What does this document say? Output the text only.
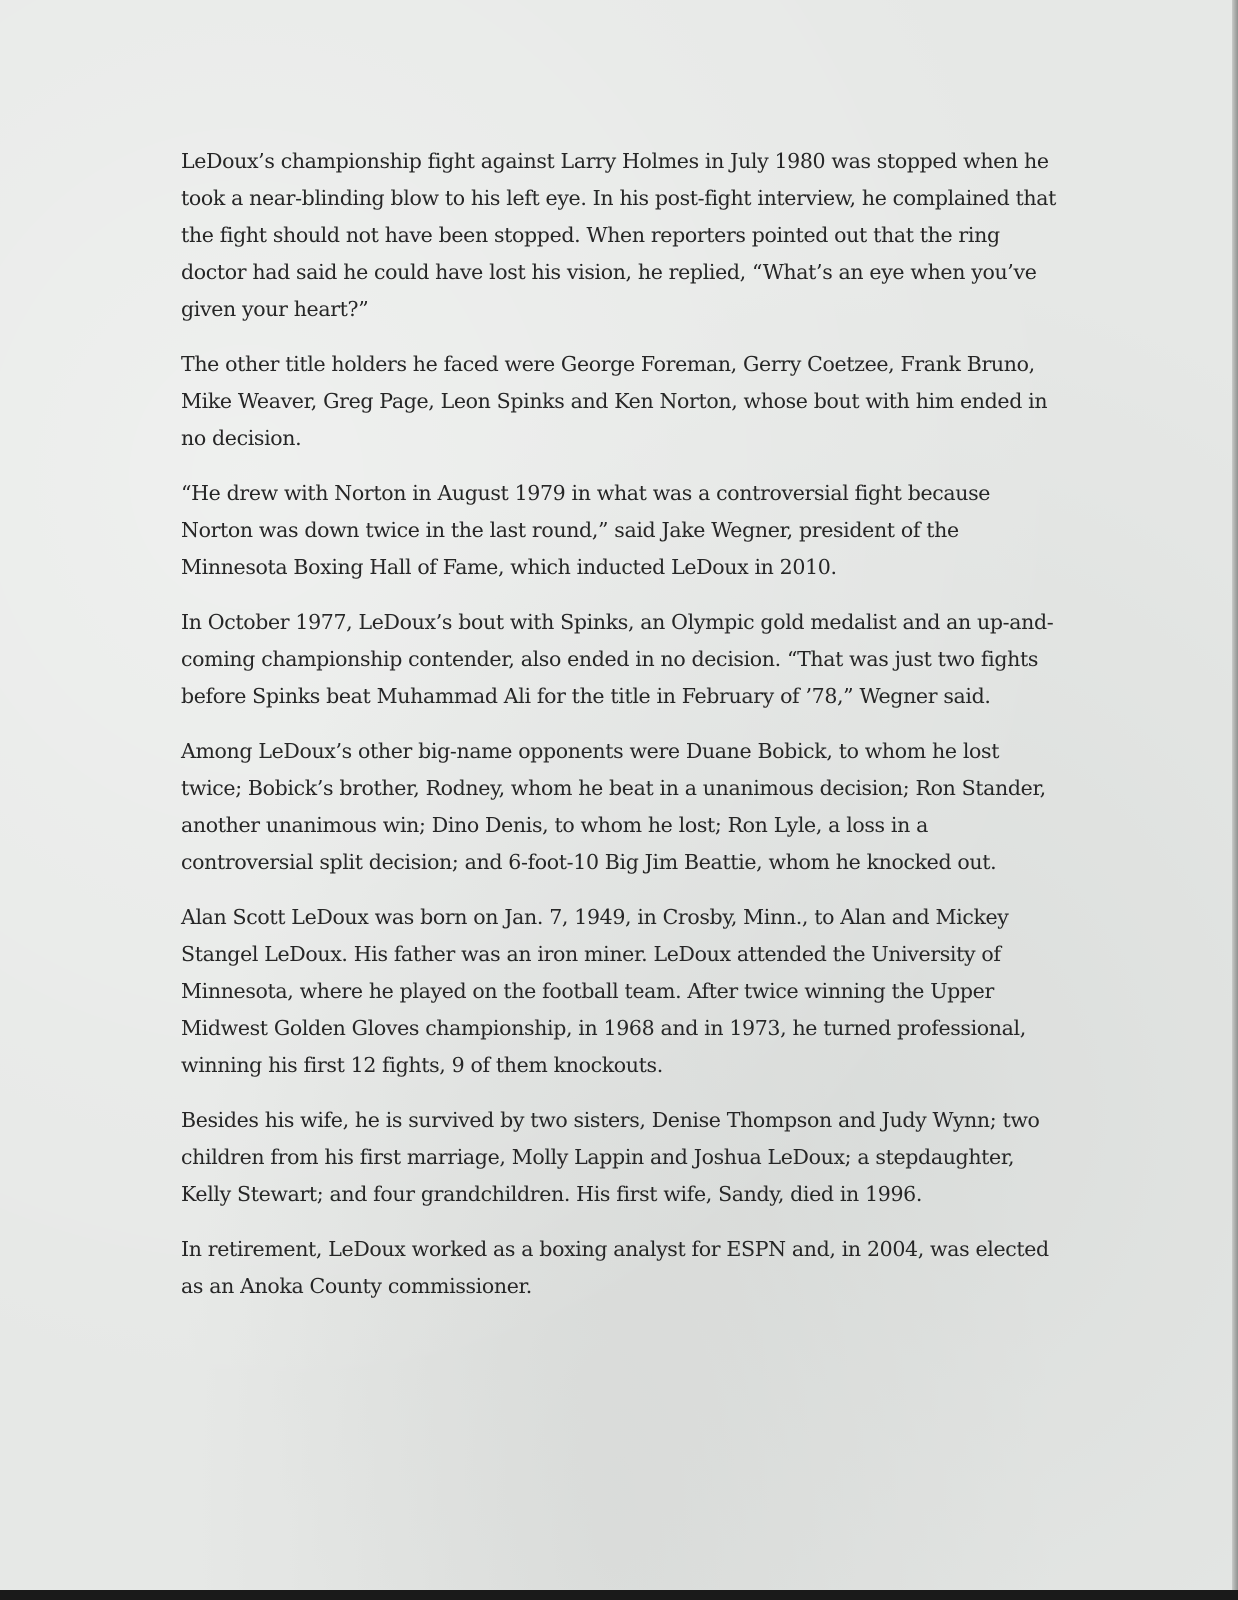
LeDoux’s championship fight against Larry Holmes in July 1980 was stopped when he took a near-blinding blow to his left eye. In his post-fight interview, he complained that the fight should not have been stopped. When reporters pointed out that the ring doctor had said he could have lost his vision, he replied, “What’s an eye when you’ve given your heart?”

The other title holders he faced were George Foreman, Gerry Coetzee, Frank Bruno, Mike Weaver, Greg Page, Leon Spinks and Ken Norton, whose bout with him ended in no decision.

“He drew with Norton in August 1979 in what was a controversial fight because Norton was down twice in the last round,” said Jake Wegner, president of the Minnesota Boxing Hall of Fame, which inducted LeDoux in 2010.

In October 1977, LeDoux’s bout with Spinks, an Olympic gold medalist and an up-and-coming championship contender, also ended in no decision. “That was just two fights before Spinks beat Muhammad Ali for the title in February of ’78,” Wegner said.

Among LeDoux’s other big-name opponents were Duane Bobick, to whom he lost twice; Bobick’s brother, Rodney, whom he beat in a unanimous decision; Ron Stander, another unanimous win; Dino Denis, to whom he lost; Ron Lyle, a loss in a controversial split decision; and 6-foot-10 Big Jim Beattie, whom he knocked out.

Alan Scott LeDoux was born on Jan. 7, 1949, in Crosby, Minn., to Alan and Mickey Stangel LeDoux. His father was an iron miner. LeDoux attended the University of Minnesota, where he played on the football team. After twice winning the Upper Midwest Golden Gloves championship, in 1968 and in 1973, he turned professional, winning his first 12 fights, 9 of them knockouts.

Besides his wife, he is survived by two sisters, Denise Thompson and Judy Wynn; two children from his first marriage, Molly Lappin and Joshua LeDoux; a stepdaughter, Kelly Stewart; and four grandchildren. His first wife, Sandy, died in 1996.

In retirement, LeDoux worked as a boxing analyst for ESPN and, in 2004, was elected as an Anoka County commissioner.
